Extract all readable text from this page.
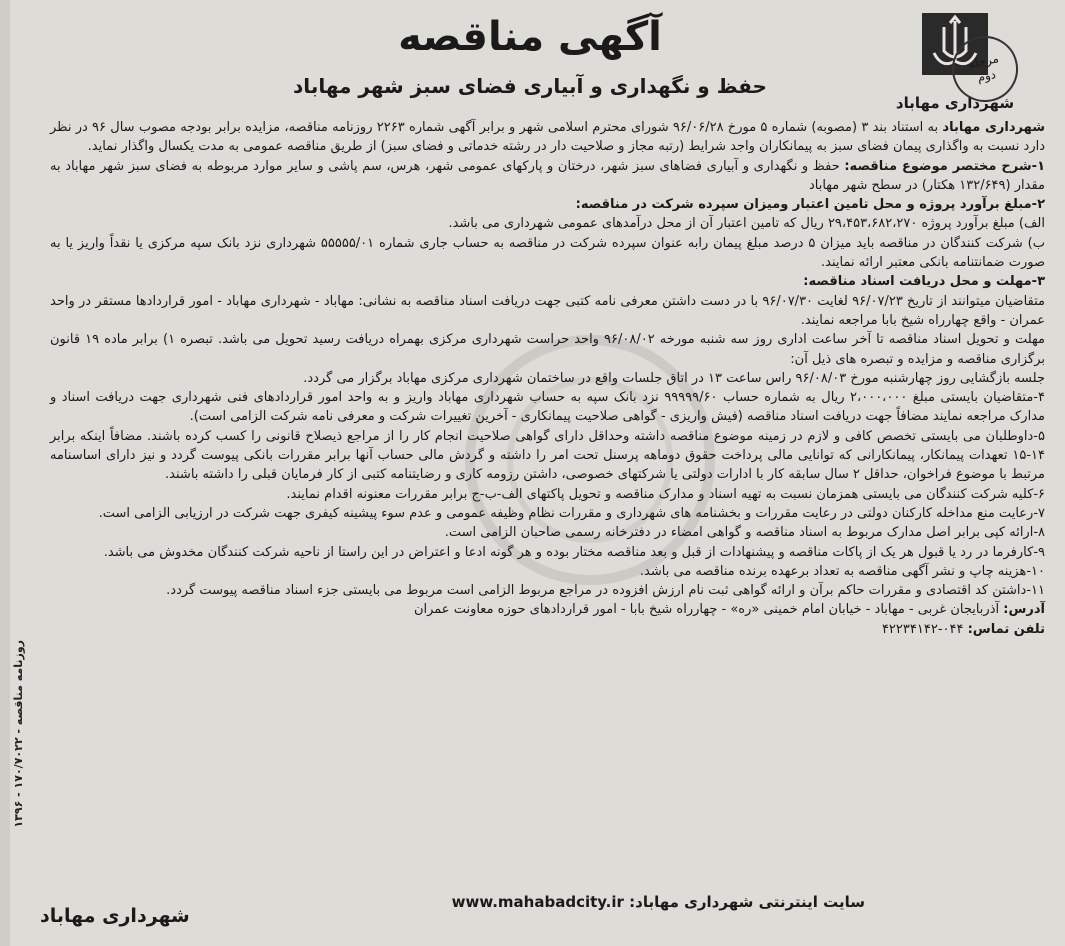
شهرداری مهاباد
آگهی مناقصه
حفظ و نگهداری و آبیاری فضای سبز شهر مهاباد
مرحله
دوم

شهرداری مهاباد به استناد بند ۳ (مصوبه) شماره ۵ مورخ ۹۶/۰۶/۲۸ شورای محترم اسلامی شهر و برابر آگهی شماره ۲۲۶۳ روزنامه مناقصه، مزایده برابر بودجه مصوب سال ۹۶ در نظر دارد نسبت به واگذاری پیمان فضای سبز به پیمانکاران واجد شرایط (رتبه مجاز و صلاحیت دار در رشته خدماتی و فضای سبز) از طریق مناقصه عمومی به مدت یکسال واگذار نماید.

۱-شرح مختصر موضوع مناقصه: حفظ و نگهداری و آبیاری فضاهای سبز شهر، درختان و پارکهای عمومی شهر، هرس، سم پاشی و سایر موارد مربوطه به فضای سبز شهر مهاباد به مقدار (۱۳۲/۶۴۹ هکتار) در سطح شهر مهاباد

۲-مبلغ برآورد پروژه و محل تامین اعتبار ومیزان سپرده شرکت در مناقصه:

الف) مبلغ برآورد پروژه ۲۹،۴۵۳،۶۸۲،۲۷۰ ریال که تامین اعتبار آن از محل درآمدهای عمومی شهرداری می باشد.

ب) شرکت کنندگان در مناقصه باید میزان ۵ درصد مبلغ پیمان رابه عنوان سپرده شرکت در مناقصه به حساب جاری شماره ۵۵۵۵۵/۰۱ شهرداری نزد بانک سپه مرکزی یا نقداً واریز یا به صورت ضمانتنامه بانکی معتبر ارائه نمایند.

۳-مهلت و محل دریافت اسناد مناقصه:

متقاضیان میتوانند از تاریخ ۹۶/۰۷/۲۳ لغایت ۹۶/۰۷/۳۰ با در دست داشتن معرفی نامه کتبی جهت دریافت اسناد مناقصه به نشانی: مهاباد - شهرداری مهاباد - امور قراردادها مستقر در واحد عمران - واقع چهارراه شیخ بابا مراجعه نمایند.

مهلت و تحویل اسناد مناقصه تا آخر ساعت اداری روز سه شنبه مورخه ۹۶/۰۸/۰۲ واحد حراست شهرداری مرکزی بهمراه دریافت رسید تحویل می باشد. تبصره ۱) برابر ماده ۱۹ قانون برگزاری مناقصه و مزایده و تبصره های ذیل آن:

جلسه بازگشایی روز چهارشنبه مورخ ۹۶/۰۸/۰۳ راس ساعت ۱۳ در اتاق جلسات واقع در ساختمان شهرداری مرکزی مهاباد برگزار می گردد.

۴-متقاضیان بایستی مبلغ ۲،۰۰۰،۰۰۰ ریال به شماره حساب ۹۹۹۹۹/۶۰ نزد بانک سپه به حساب شهرداری مهاباد واریز و به واحد امور قراردادهای فنی شهرداری جهت دریافت اسناد و مدارک مراجعه نمایند مضافاً جهت دریافت اسناد مناقصه (فیش واریزی - گواهی صلاحیت پیمانکاری - آخرین تغییرات شرکت و معرفی نامه شرکت الزامی است).

۵-داوطلبان می بایستی تخصص کافی و لازم در زمینه موضوع مناقصه داشته وحداقل دارای گواهی صلاحیت انجام کار را از مراجع ذیصلاح قانونی را کسب کرده باشند. مضافاً اینکه برابر ۱۴-۱۵ تعهدات پیمانکار، پیمانکارانی که توانایی مالی پرداخت حقوق دوماهه پرسنل تحت امر را داشته و گردش مالی حساب آنها برابر مقررات بانکی پیوست گردد و نیز دارای اساسنامه مرتبط با موضوع فراخوان، حداقل ۲ سال سابقه کار با ادارات دولتی یا شرکتهای خصوصی، داشتن رزومه کاری و رضایتنامه کتبی از کار فرمایان قبلی را داشته باشند.

۶-کلیه شرکت کنندگان می بایستی همزمان نسبت به تهیه اسناد و مدارک مناقصه و تحویل پاکتهای الف-ب-ج برابر مقررات معنونه اقدام نمایند.

۷-رعایت منع مداخله کارکنان دولتی در رعایت مقررات و بخشنامه های شهرداری و مقررات نظام وظیفه عمومی و عدم سوء پیشینه کیفری جهت شرکت در ارزیابی الزامی است.

۸-ارائه کپی برابر اصل مدارک مربوط به اسناد مناقصه و گواهی امضاء در دفترخانه رسمی صاحبان الزامی است.

۹-کارفرما در رد یا قبول هر یک از پاکات مناقصه و پیشنهادات از قبل و بعد مناقصه مختار بوده و هر گونه ادعا و اعتراض در این راستا از ناحیه شرکت کنندگان مخدوش می باشد.

۱۰-هزینه چاپ و نشر آگهی مناقصه به تعداد برعهده برنده مناقصه می باشد.

۱۱-داشتن کد اقتصادی و مقررات حاکم برآن و ارائه گواهی ثبت نام ارزش افزوده در مراجع مربوط الزامی است مربوط می بایستی جزء اسناد مناقصه پیوست گردد.

آدرس: آذربایجان غربی - مهاباد - خیابان امام خمینی «ره» - چهارراه شیخ بابا - امور قراردادهای حوزه معاونت عمران

تلفن تماس: ۰۴۴-۴۲۲۳۴۱۴۲

روزنامه مناقصه - ۱۷۰/۷۰۲۲ - ۱۳۹۶
سایت اینترنتی شهرداری مهاباد: www.mahabadcity.ir
شهرداری مهاباد
